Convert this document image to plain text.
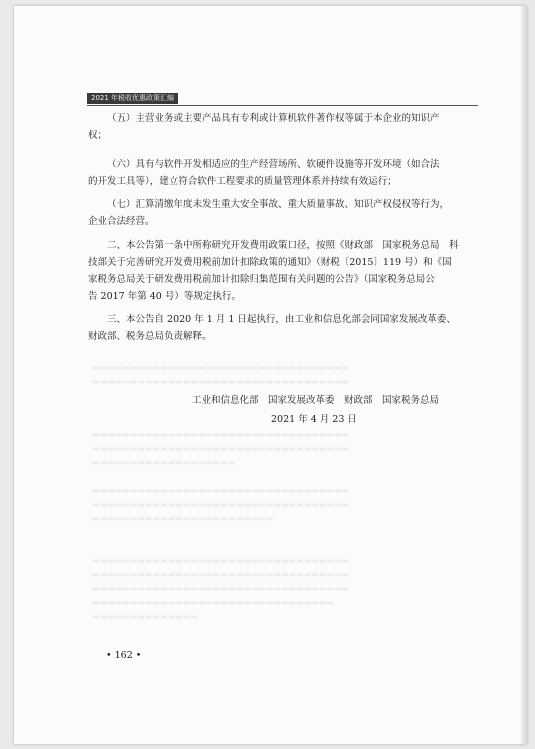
2021 年税收优惠政策汇编
（五）主营业务或主要产品具有专利或计算机软件著作权等属于本企业的知识产
权；
（六）具有与软件开发相适应的生产经营场所、软硬件设施等开发环境（如合法
的开发工具等），建立符合软件工程要求的质量管理体系并持续有效运行；
（七）汇算清缴年度未发生重大安全事故、重大质量事故、知识产权侵权等行为，
企业合法经营。
二、本公告第一条中所称研究开发费用政策口径，按照《财政部　国家税务总局　科
技部关于完善研究开发费用税前加计扣除政策的通知》（财税〔2015〕119 号）和《国
家税务总局关于研发费用税前加计扣除归集范围有关问题的公告》（国家税务总局公
告 2017 年第 40 号）等规定执行。
三、本公告自 2020 年 1 月 1 日起执行，由工业和信息化部会同国家发展改革委、
财政部、税务总局负责解释。
▬▬▬▬▬▬▬▬▬▬▬▬▬▬▬▬▬▬▬▬▬▬▬▬▬▬▬▬▬▬▬▬▬▬
▬▬▬▬▬▬▬▬▬▬▬▬▬▬▬▬▬▬▬▬▬▬▬▬▬▬▬▬▬▬▬▬▬▬
▬▬▬▬▬▬▬▬▬▬▬▬▬▬▬▬▬▬▬▬▬▬▬▬▬▬▬▬▬▬▬▬▬▬
▬▬▬▬▬▬▬▬▬▬▬▬▬▬▬▬▬▬▬▬▬▬▬▬▬▬▬▬▬▬▬▬▬▬
▬▬▬▬▬▬▬▬▬▬▬▬▬▬▬▬▬▬▬
▬▬▬▬▬▬▬▬▬▬▬▬▬▬▬▬▬▬▬▬▬▬▬▬▬▬▬▬▬▬▬▬▬▬
▬▬▬▬▬▬▬▬▬▬▬▬▬▬▬▬▬▬▬▬▬▬▬▬▬▬▬▬▬▬▬▬▬▬
▬▬▬▬▬▬▬▬▬▬▬▬▬▬▬▬▬▬▬▬▬▬▬▬
▬▬▬▬▬▬▬▬▬▬▬▬▬▬▬▬▬▬▬▬▬▬▬▬▬▬▬▬▬▬▬▬▬▬
▬▬▬▬▬▬▬▬▬▬▬▬▬▬▬▬▬▬▬▬▬▬▬▬▬▬▬▬▬▬▬▬▬▬
▬▬▬▬▬▬▬▬▬▬▬▬▬▬▬▬▬▬▬▬▬▬▬▬▬▬▬▬▬▬▬▬▬▬
▬▬▬▬▬▬▬▬▬▬▬▬▬▬▬▬▬▬▬▬▬▬▬▬▬▬▬▬▬▬▬▬
▬▬▬▬▬▬▬▬▬▬▬▬▬▬
工业和信息化部　国家发展改革委　财政部　国家税务总局
2021 年 4 月 23 日
• 162 •
